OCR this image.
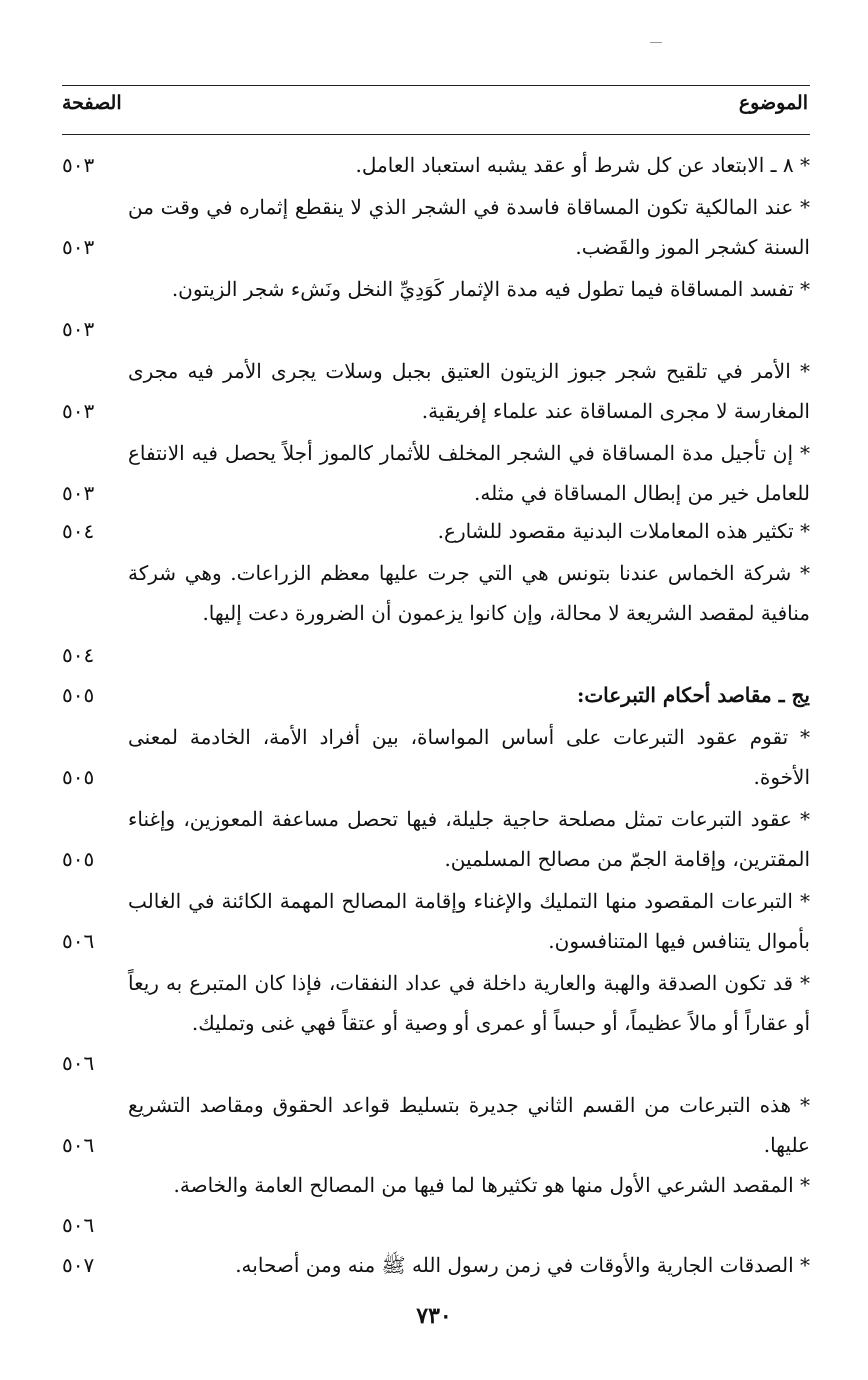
الموضوع
الصفحة

* ٨ ـ الابتعاد عن كل شرط أو عقد يشبه استعباد العامل.

٥٠٣

* عند المالكية تكون المساقاة فاسدة في الشجر الذي لا ينقطع إثماره في وقت من السنة كشجر الموز والقَضب.

٥٠٣

* تفسد المساقاة فيما تطول فيه مدة الإثمار كَوَدِيِّ النخل ونَشء شجر الزيتون.

٥٠٣

* الأمر في تلقيح شجر جبوز الزيتون العتيق بجبل وسلات يجرى الأمر فيه مجرى المغارسة لا مجرى المساقاة عند علماء إفريقية.

٥٠٣

* إن تأجيل مدة المساقاة في الشجر المخلف للأثمار كالموز أجلاً يحصل فيه الانتفاع للعامل خير من إبطال المساقاة في مثله.

٥٠٣

* تكثير هذه المعاملات البدنية مقصود للشارع.

٥٠٤

* شركة الخماس عندنا بتونس هي التي جرت عليها معظم الزراعات. وهي شركة منافية لمقصد الشريعة لا محالة، وإن كانوا يزعمون أن الضرورة دعت إليها.

٥٠٤

يج ـ مقاصد أحكام التبرعات:

٥٠٥

* تقوم عقود التبرعات على أساس المواساة، بين أفراد الأمة، الخادمة لمعنى الأخوة.

٥٠٥

* عقود التبرعات تمثل مصلحة حاجية جليلة، فيها تحصل مساعفة المعوزين، وإغناء المقترين، وإقامة الجمّ من مصالح المسلمين.

٥٠٥

* التبرعات المقصود منها التمليك والإغناء وإقامة المصالح المهمة الكائنة في الغالب بأموال يتنافس فيها المتنافسون.

٥٠٦

* قد تكون الصدقة والهبة والعارية داخلة في عداد النفقات، فإذا كان المتبرع به ريعاً أو عقاراً أو مالاً عظيماً، أو حبساً أو عمرى أو وصية أو عتقاً فهي غنى وتمليك.

٥٠٦

* هذه التبرعات من القسم الثاني جديرة بتسليط قواعد الحقوق ومقاصد التشريع عليها.

٥٠٦

* المقصد الشرعي الأول منها هو تكثيرها لما فيها من المصالح العامة والخاصة.

٥٠٦

* الصدقات الجارية والأوقات في زمن رسول الله ﷺ منه ومن أصحابه.

٥٠٧
٧٣٠
